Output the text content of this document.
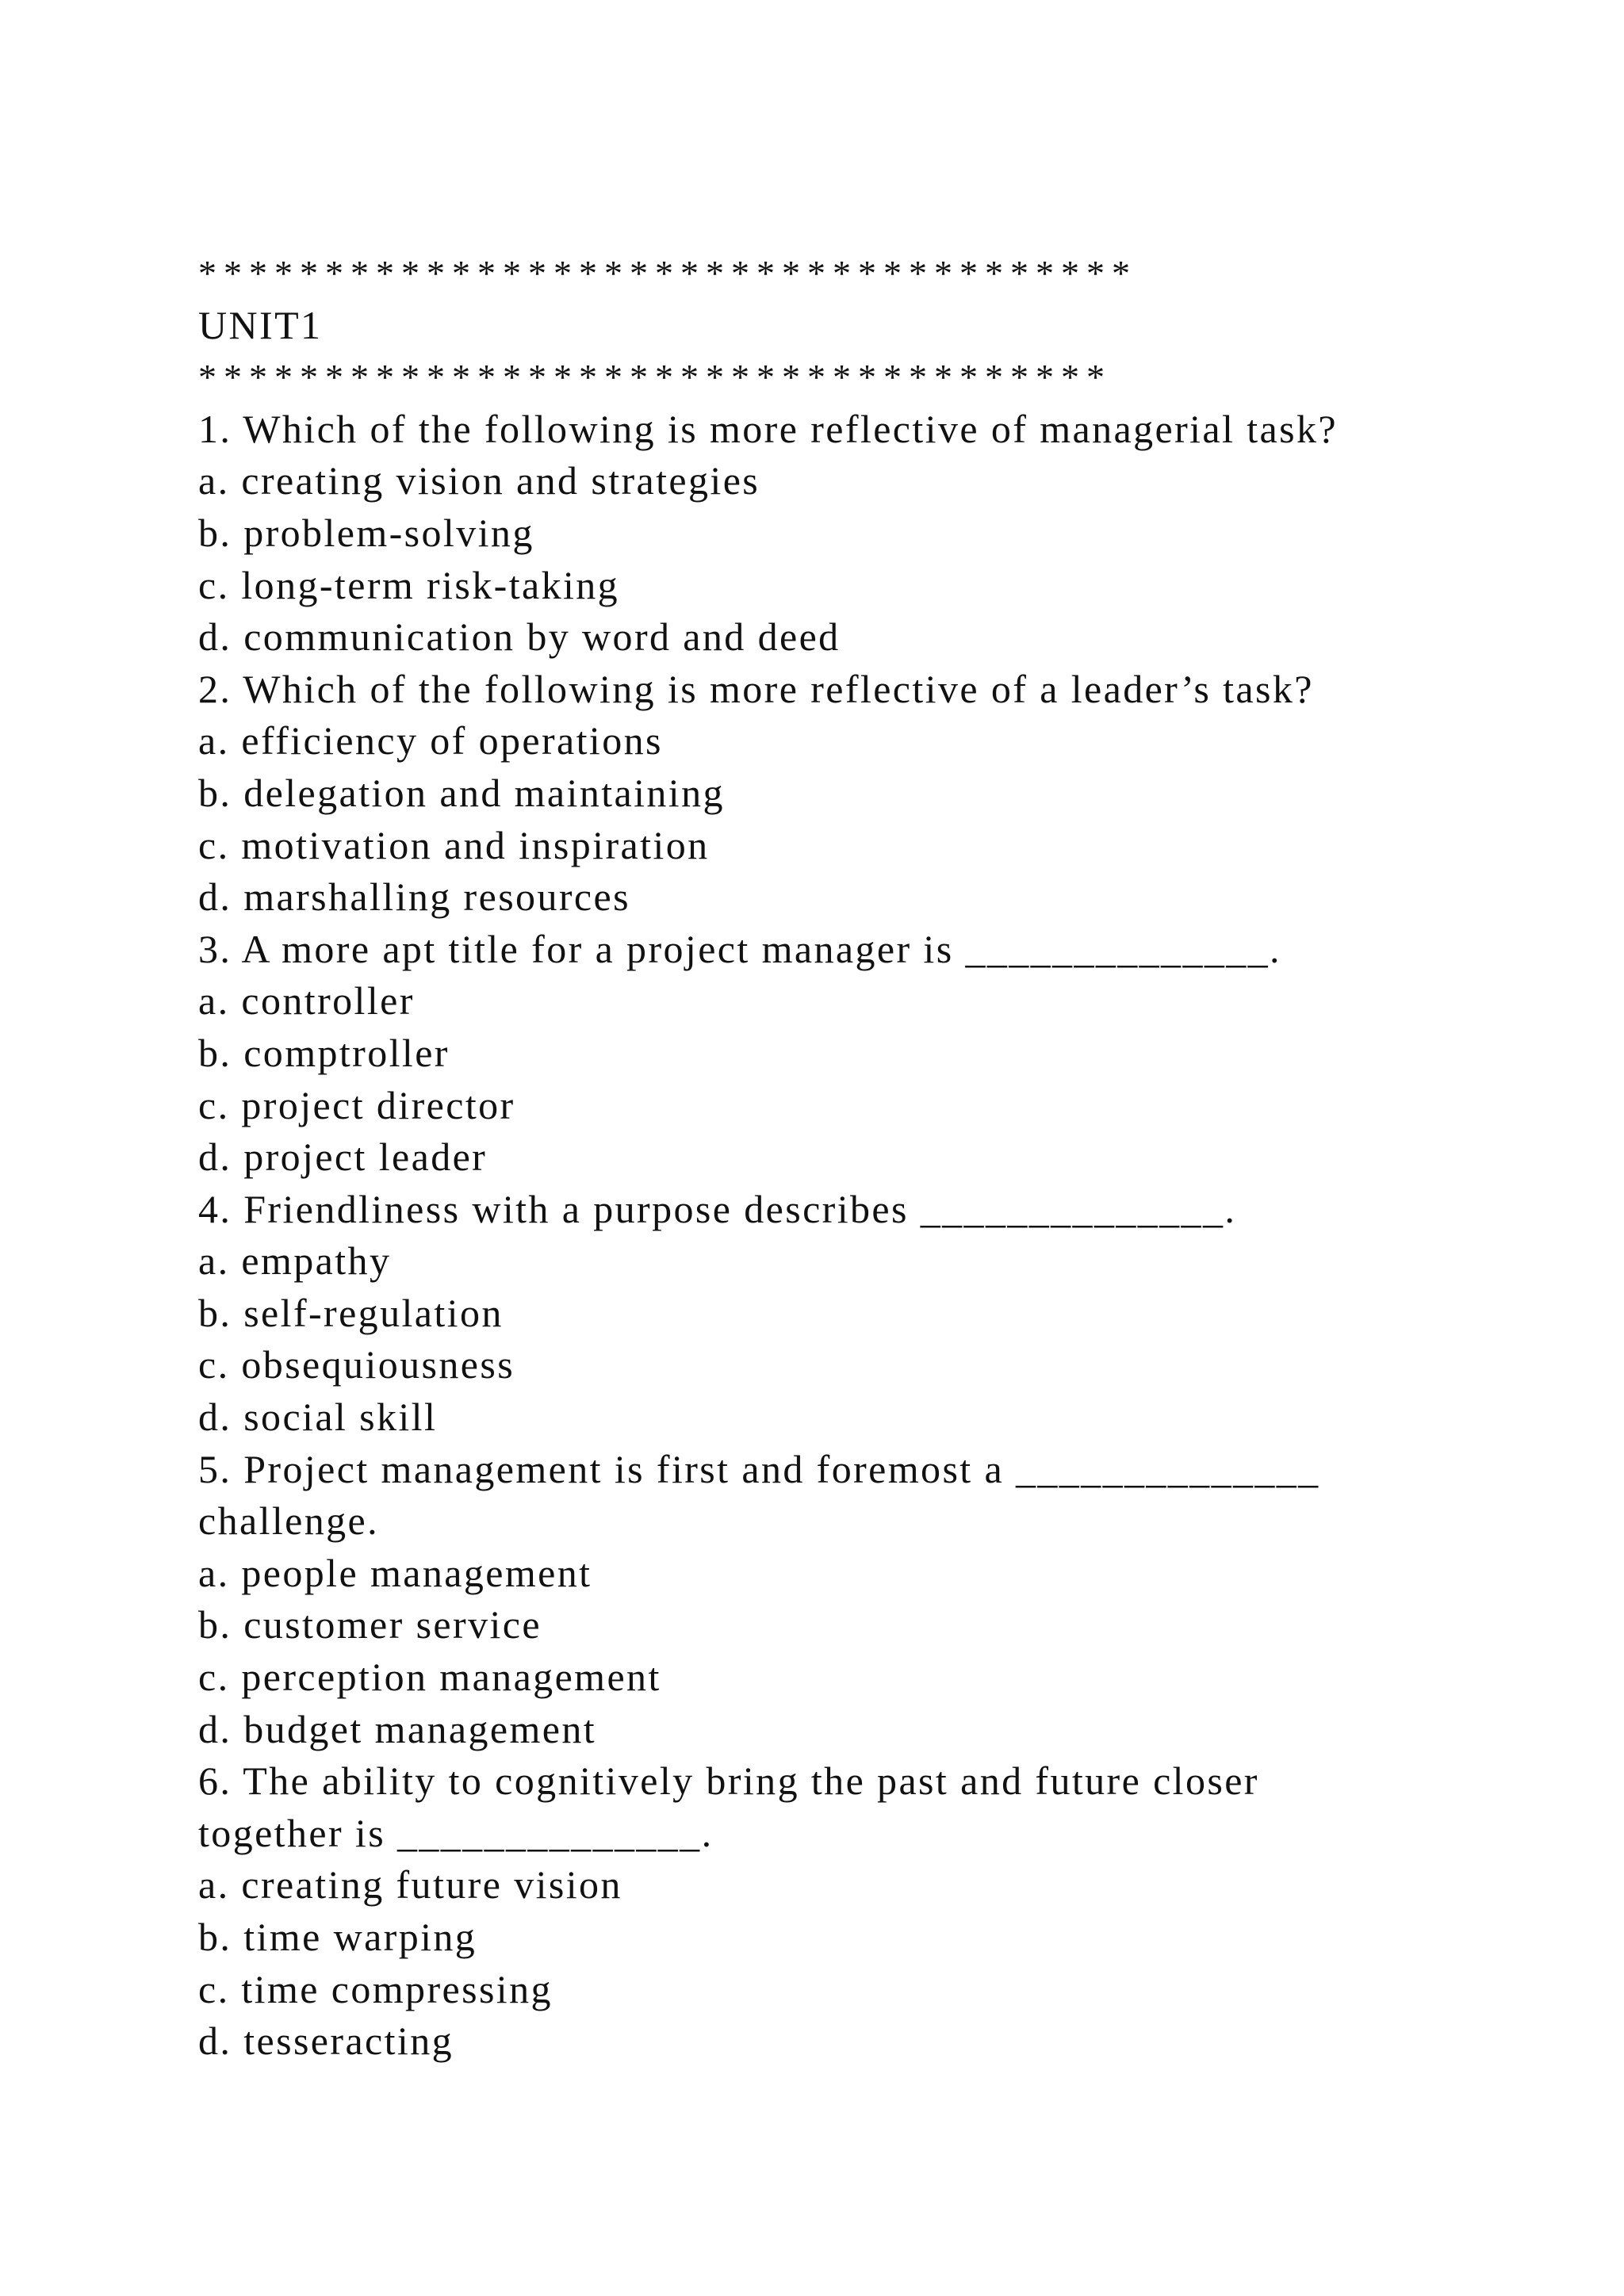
*************************************
UNIT1
************************************
1. Which of the following is more reflective of managerial task?
a. creating vision and strategies
b. problem-solving
c. long-term risk-taking
d. communication by word and deed
2. Which of the following is more reflective of a leader’s task?
a. efficiency of operations
b. delegation and maintaining
c. motivation and inspiration
d. marshalling resources
3. A more apt title for a project manager is ______________.
a. controller
b. comptroller
c. project director
d. project leader
4. Friendliness with a purpose describes ______________.
a. empathy
b. self-regulation
c. obsequiousness
d. social skill
5. Project management is first and foremost a ______________
challenge.
a. people management
b. customer service
c. perception management
d. budget management
6. The ability to cognitively bring the past and future closer
together is ______________.
a. creating future vision
b. time warping
c. time compressing
d. tesseracting
